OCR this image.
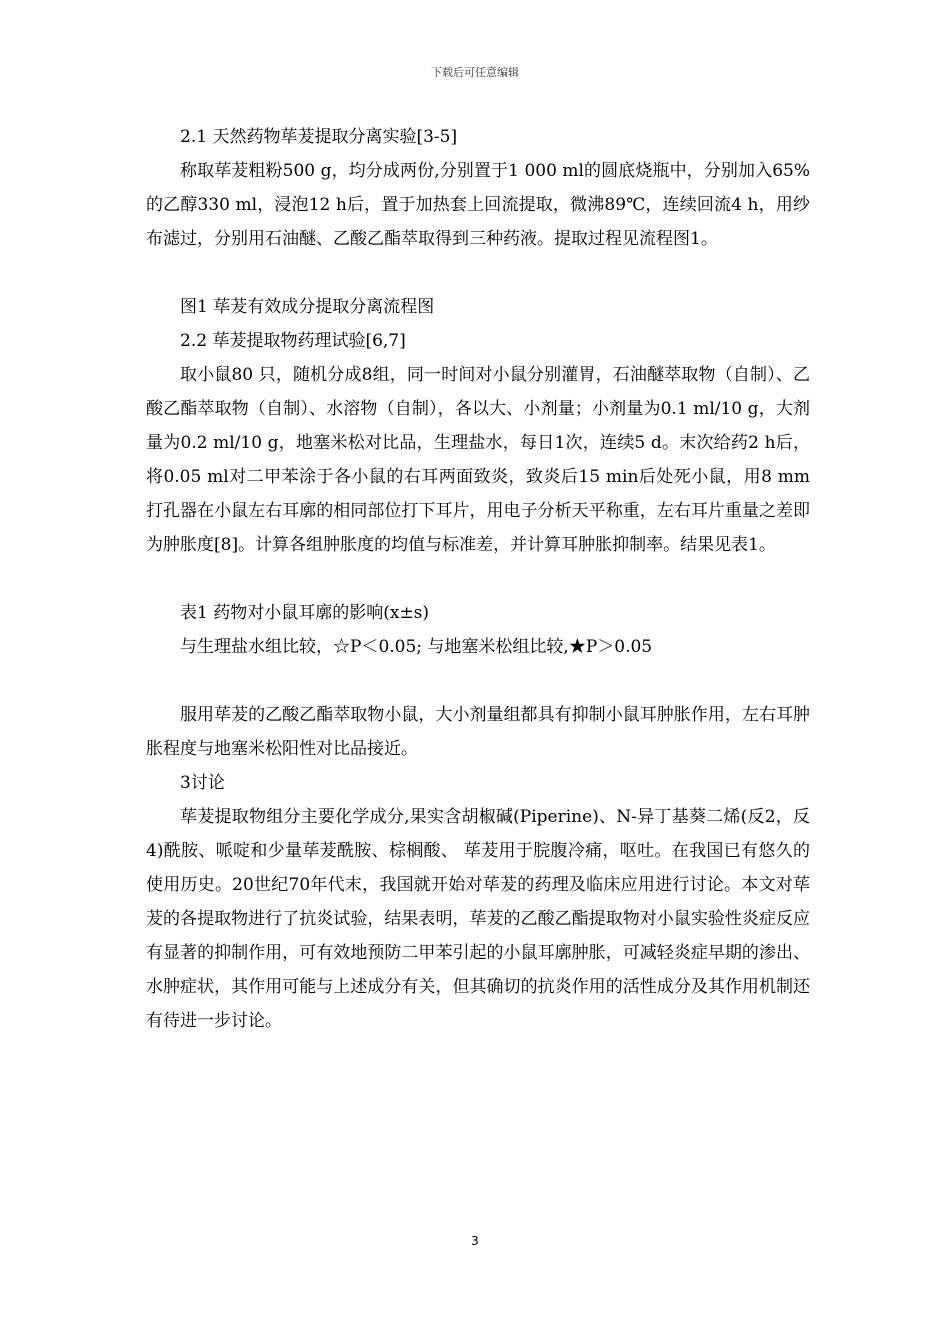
下载后可任意编辑
2.1 天然药物荜茇提取分离实验[3-5]

称取荜茇粗粉500 g，均分成两份,分别置于1 000 ml的圆底烧瓶中，分别加入65%的乙醇330 ml，浸泡12 h后，置于加热套上回流提取，微沸89℃，连续回流4 h，用纱布滤过，分别用石油醚、乙酸乙酯萃取得到三种药液。提取过程见流程图1。

图1 荜茇有效成分提取分离流程图
2.2 荜茇提取物药理试验[6,7]

取小鼠80 只，随机分成8组，同一时间对小鼠分别灌胃，石油醚萃取物（自制）、乙酸乙酯萃取物（自制）、水溶物（自制），各以大、小剂量；小剂量为0.1 ml/10 g，大剂量为0.2 ml/10 g，地塞米松对比品，生理盐水，每日1次，连续5 d。末次给药2 h后，将0.05 ml对二甲苯涂于各小鼠的右耳两面致炎，致炎后15 min后处死小鼠，用8 mm打孔器在小鼠左右耳廓的相同部位打下耳片，用电子分析天平称重，左右耳片重量之差即为肿胀度[8]。计算各组肿胀度的均值与标准差，并计算耳肿胀抑制率。结果见表1。

表1 药物对小鼠耳廓的影响(x±s)
与生理盐水组比较，☆P＜0.05; 与地塞米松组比较,★P＞0.05

服用荜茇的乙酸乙酯萃取物小鼠，大小剂量组都具有抑制小鼠耳肿胀作用，左右耳肿胀程度与地塞米松阳性对比品接近。

3讨论

荜茇提取物组分主要化学成分,果实含胡椒碱(Piperine)、N-异丁基葵二烯(反2，反4)酰胺、哌啶和少量荜茇酰胺、棕榈酸、 荜茇用于脘腹冷痛，呕吐。在我国已有悠久的使用历史。20世纪70年代末，我国就开始对荜茇的药理及临床应用进行讨论。本文对荜茇的各提取物进行了抗炎试验，结果表明，荜茇的乙酸乙酯提取物对小鼠实验性炎症反应有显著的抑制作用，可有效地预防二甲苯引起的小鼠耳廓肿胀，可减轻炎症早期的渗出、水肿症状，其作用可能与上述成分有关，但其确切的抗炎作用的活性成分及其作用机制还有待进一步讨论。

3
